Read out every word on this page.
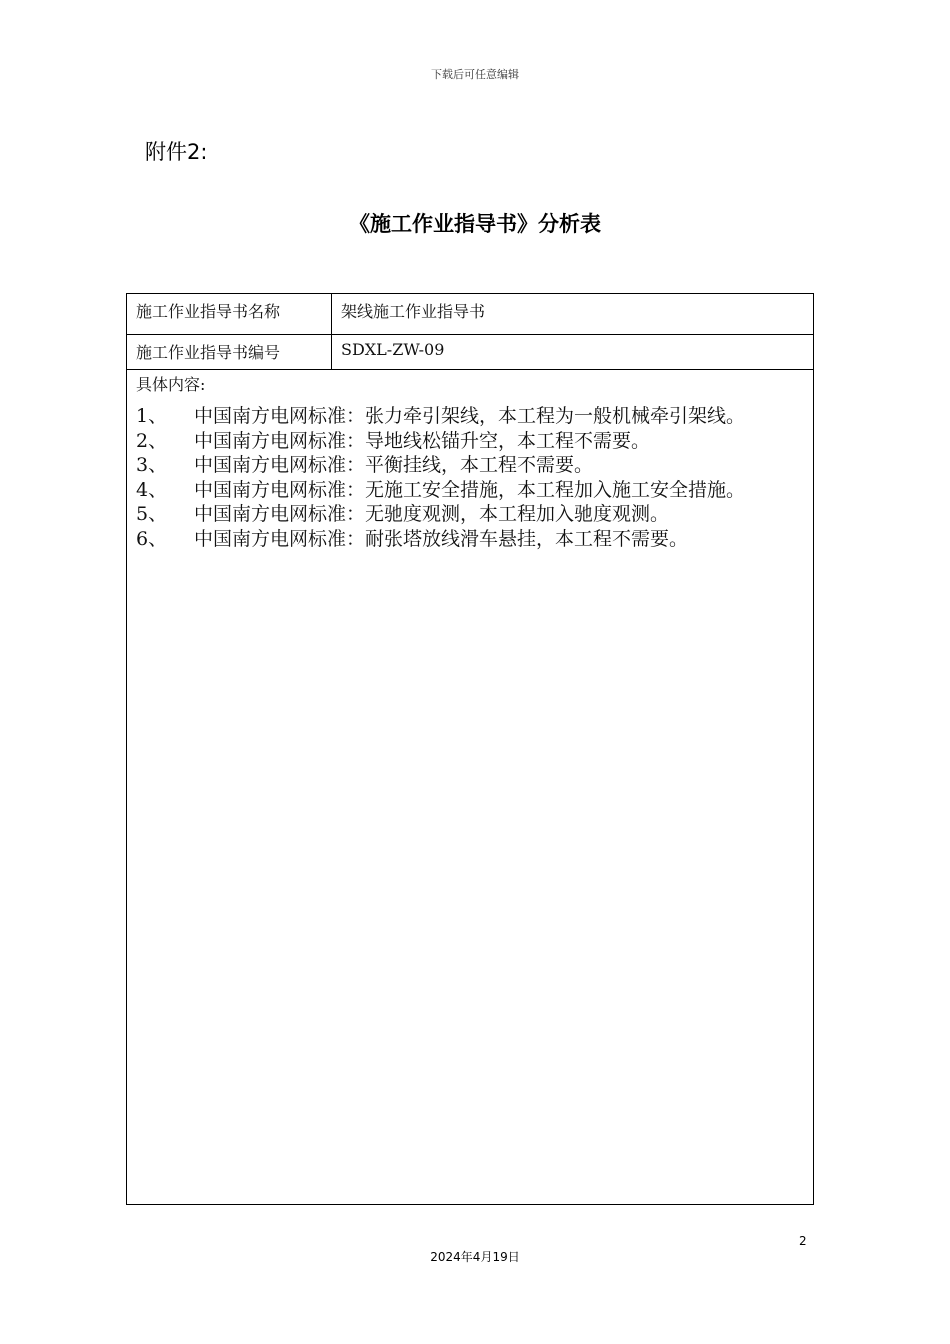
下载后可任意编辑
附件2:
《施工作业指导书》分析表
施工作业指导书名称	架线施工作业指导书
施工作业指导书编号	SDXL-ZW-09
具体内容:
1、	中国南方电网标准：张力牵引架线，本工程为一般机械牵引架线。
2、	中国南方电网标准：导地线松锚升空，本工程不需要。
3、	中国南方电网标准：平衡挂线，本工程不需要。
4、	中国南方电网标准：无施工安全措施，本工程加入施工安全措施。
5、	中国南方电网标准：无驰度观测，本工程加入驰度观测。
6、	中国南方电网标准：耐张塔放线滑车悬挂，本工程不需要。
2
2024年4月19日
